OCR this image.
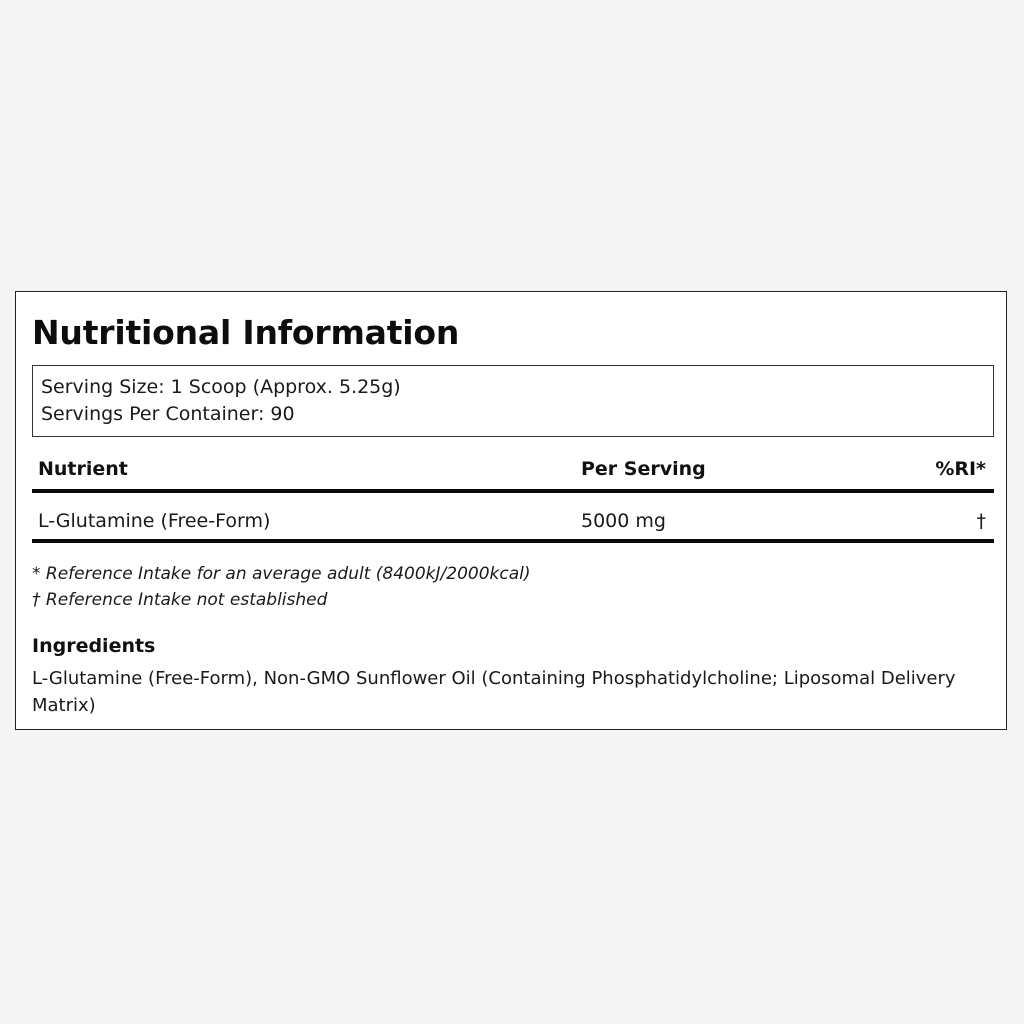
Nutritional Information
Serving Size: 1 Scoop (Approx. 5.25g)
Servings Per Container: 90
Nutrient	Per Serving	%RI*
L-Glutamine (Free-Form)	5000 mg	†
* Reference Intake for an average adult (8400kJ/2000kcal)
† Reference Intake not established
Ingredients
L-Glutamine (Free-Form), Non-GMO Sunflower Oil (Containing Phosphatidylcholine; Liposomal Delivery Matrix)
